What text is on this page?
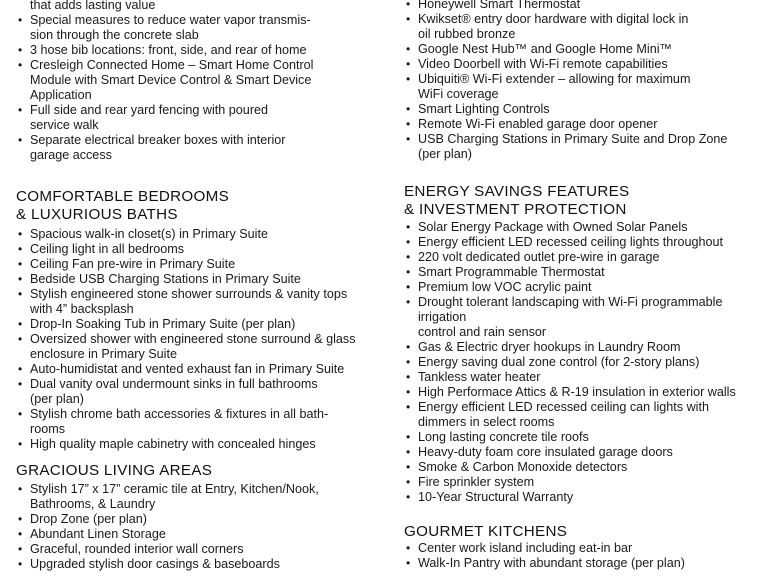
that adds lasting value
• Special measures to reduce water vapor transmis-
sion through the concrete slab
• 3 hose bib locations: front, side, and rear of home
• Cresleigh Connected Home – Smart Home Control
Module with Smart Device Control & Smart Device
Application
• Full side and rear yard fencing with poured
service walk
• Separate electrical breaker boxes with interior
garage access
COMFORTABLE BEDROOMS
& LUXURIOUS BATHS
• Spacious walk-in closet(s) in Primary Suite
• Ceiling light in all bedrooms
• Ceiling Fan pre-wire in Primary Suite
• Bedside USB Charging Stations in Primary Suite
• Stylish engineered stone shower surrounds & vanity tops
with 4” backsplash
• Drop-In Soaking Tub in Primary Suite (per plan)
• Oversized shower with engineered stone surround & glass
enclosure in Primary Suite
• Auto-humidistat and vented exhaust fan in Primary Suite
• Dual vanity oval undermount sinks in full bathrooms
(per plan)
• Stylish chrome bath accessories & fixtures in all bath-
rooms
• High quality maple cabinetry with concealed hinges
GRACIOUS LIVING AREAS
• Stylish 17” x 17” ceramic tile at Entry, Kitchen/Nook,
Bathrooms, & Laundry
• Drop Zone (per plan)
• Abundant Linen Storage
• Graceful, rounded interior wall corners
• Upgraded stylish door casings & baseboards
• Honeywell Smart Thermostat
• Kwikset® entry door hardware with digital lock in
oil rubbed bronze
• Google Nest Hub™ and Google Home Mini™
• Video Doorbell with Wi-Fi remote capabilities
• Ubiquiti® Wi-Fi extender – allowing for maximum
WiFi coverage
• Smart Lighting Controls
• Remote Wi-Fi enabled garage door opener
• USB Charging Stations in Primary Suite and Drop Zone
(per plan)
ENERGY SAVINGS FEATURES
& INVESTMENT PROTECTION
• Solar Energy Package with Owned Solar Panels
• Energy efficient LED recessed ceiling lights throughout
• 220 volt dedicated outlet pre-wire in garage
• Smart Programmable Thermostat
• Premium low VOC acrylic paint
• Drought tolerant landscaping with Wi-Fi programmable
irrigation
control and rain sensor
• Gas & Electric dryer hookups in Laundry Room
• Energy saving dual zone control (for 2-story plans)
• Tankless water heater
• High Performace Attics & R-19 insulation in exterior walls
• Energy efficient LED recessed ceiling can lights with
dimmers in select rooms
• Long lasting concrete tile roofs
• Heavy-duty foam core insulated garage doors
• Smoke & Carbon Monoxide detectors
• Fire sprinkler system
• 10-Year Structural Warranty
GOURMET KITCHENS
• Center work island including eat-in bar
• Walk-In Pantry with abundant storage (per plan)
